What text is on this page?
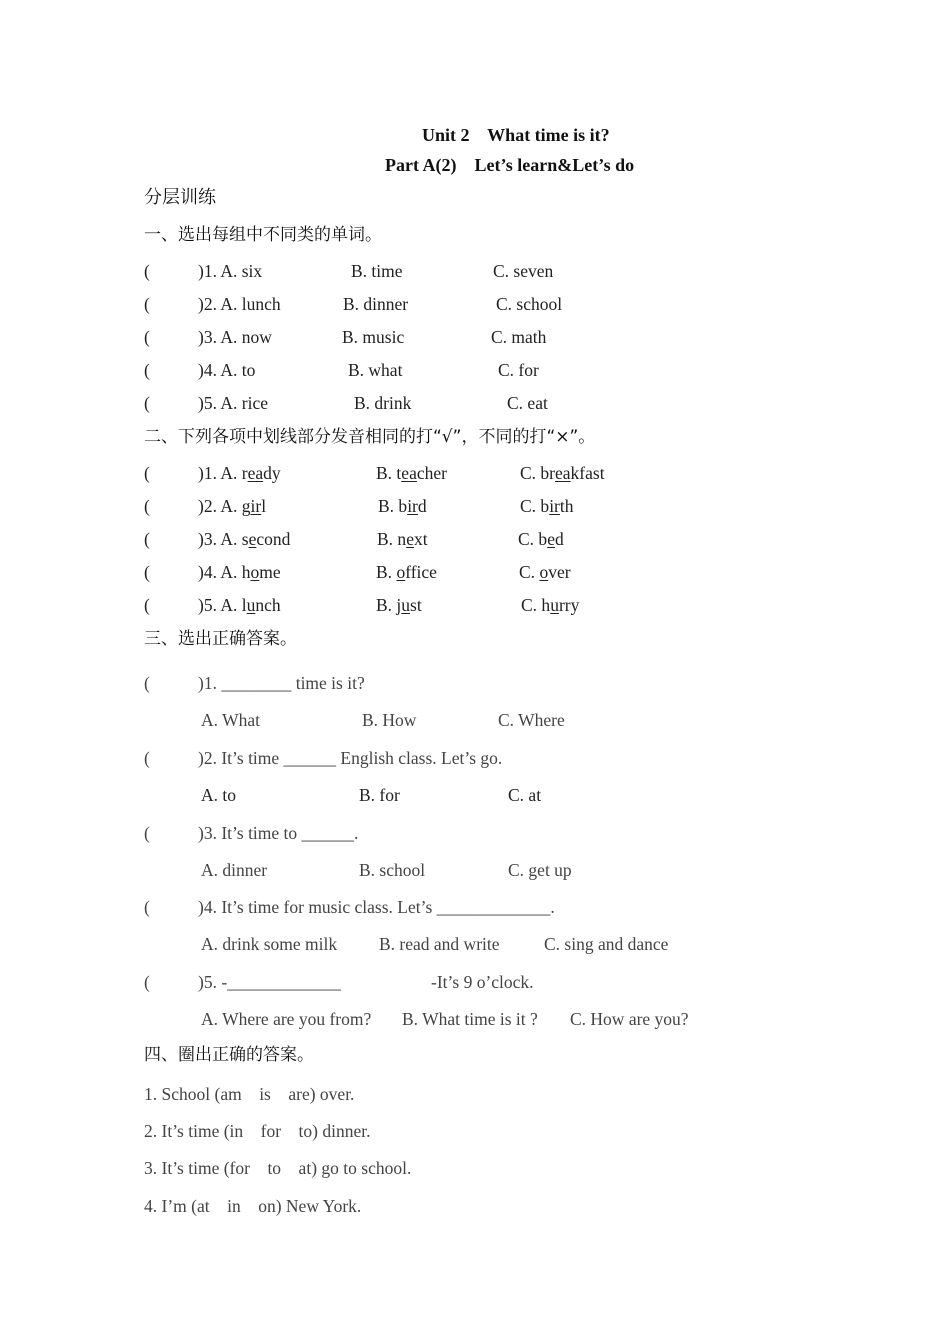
Unit 2    What time is it?
Part A(2)    Let’s learn&Let’s do
分层训练
一、选出每组中不同类的单词。
(	)1. A. six	B. time	C. seven
(	)2. A. lunch	B. dinner	C. school
(	)3. A. now	B. music	C. math
(	)4. A. to	B. what	C. for
(	)5. A. rice	B. drink	C. eat
二、下列各项中划线部分发音相同的打“√”，不同的打“×”。
(	)1. A. ready	B. teacher	C. breakfast
(	)2. A. girl	B. bird	C. birth
(	)3. A. second	B. next	C. bed
(	)4. A. home	B. office	C. over
(	)5. A. lunch	B. just	C. hurry
三、选出正确答案。
(	)1. ________ time is it?
A. What	B. How	C. Where
(	)2. It’s time ______ English class. Let’s go.
A. to	B. for	C. at
(	)3. It’s time to ______.
A. dinner	B. school	C. get up
(	)4. It’s time for music class. Let’s _____________.
A. drink some milk B. read and write	C. sing and dance
(	)5. -_____________	-It’s 9 o’clock.
A. Where are you from? B. What time is it ? C. How are you?
四、圈出正确的答案。
1. School (am    is    are) over.
2. It’s time (in    for    to) dinner.
3. It’s time (for    to    at) go to school.
4. I’m (at    in    on) New York.
